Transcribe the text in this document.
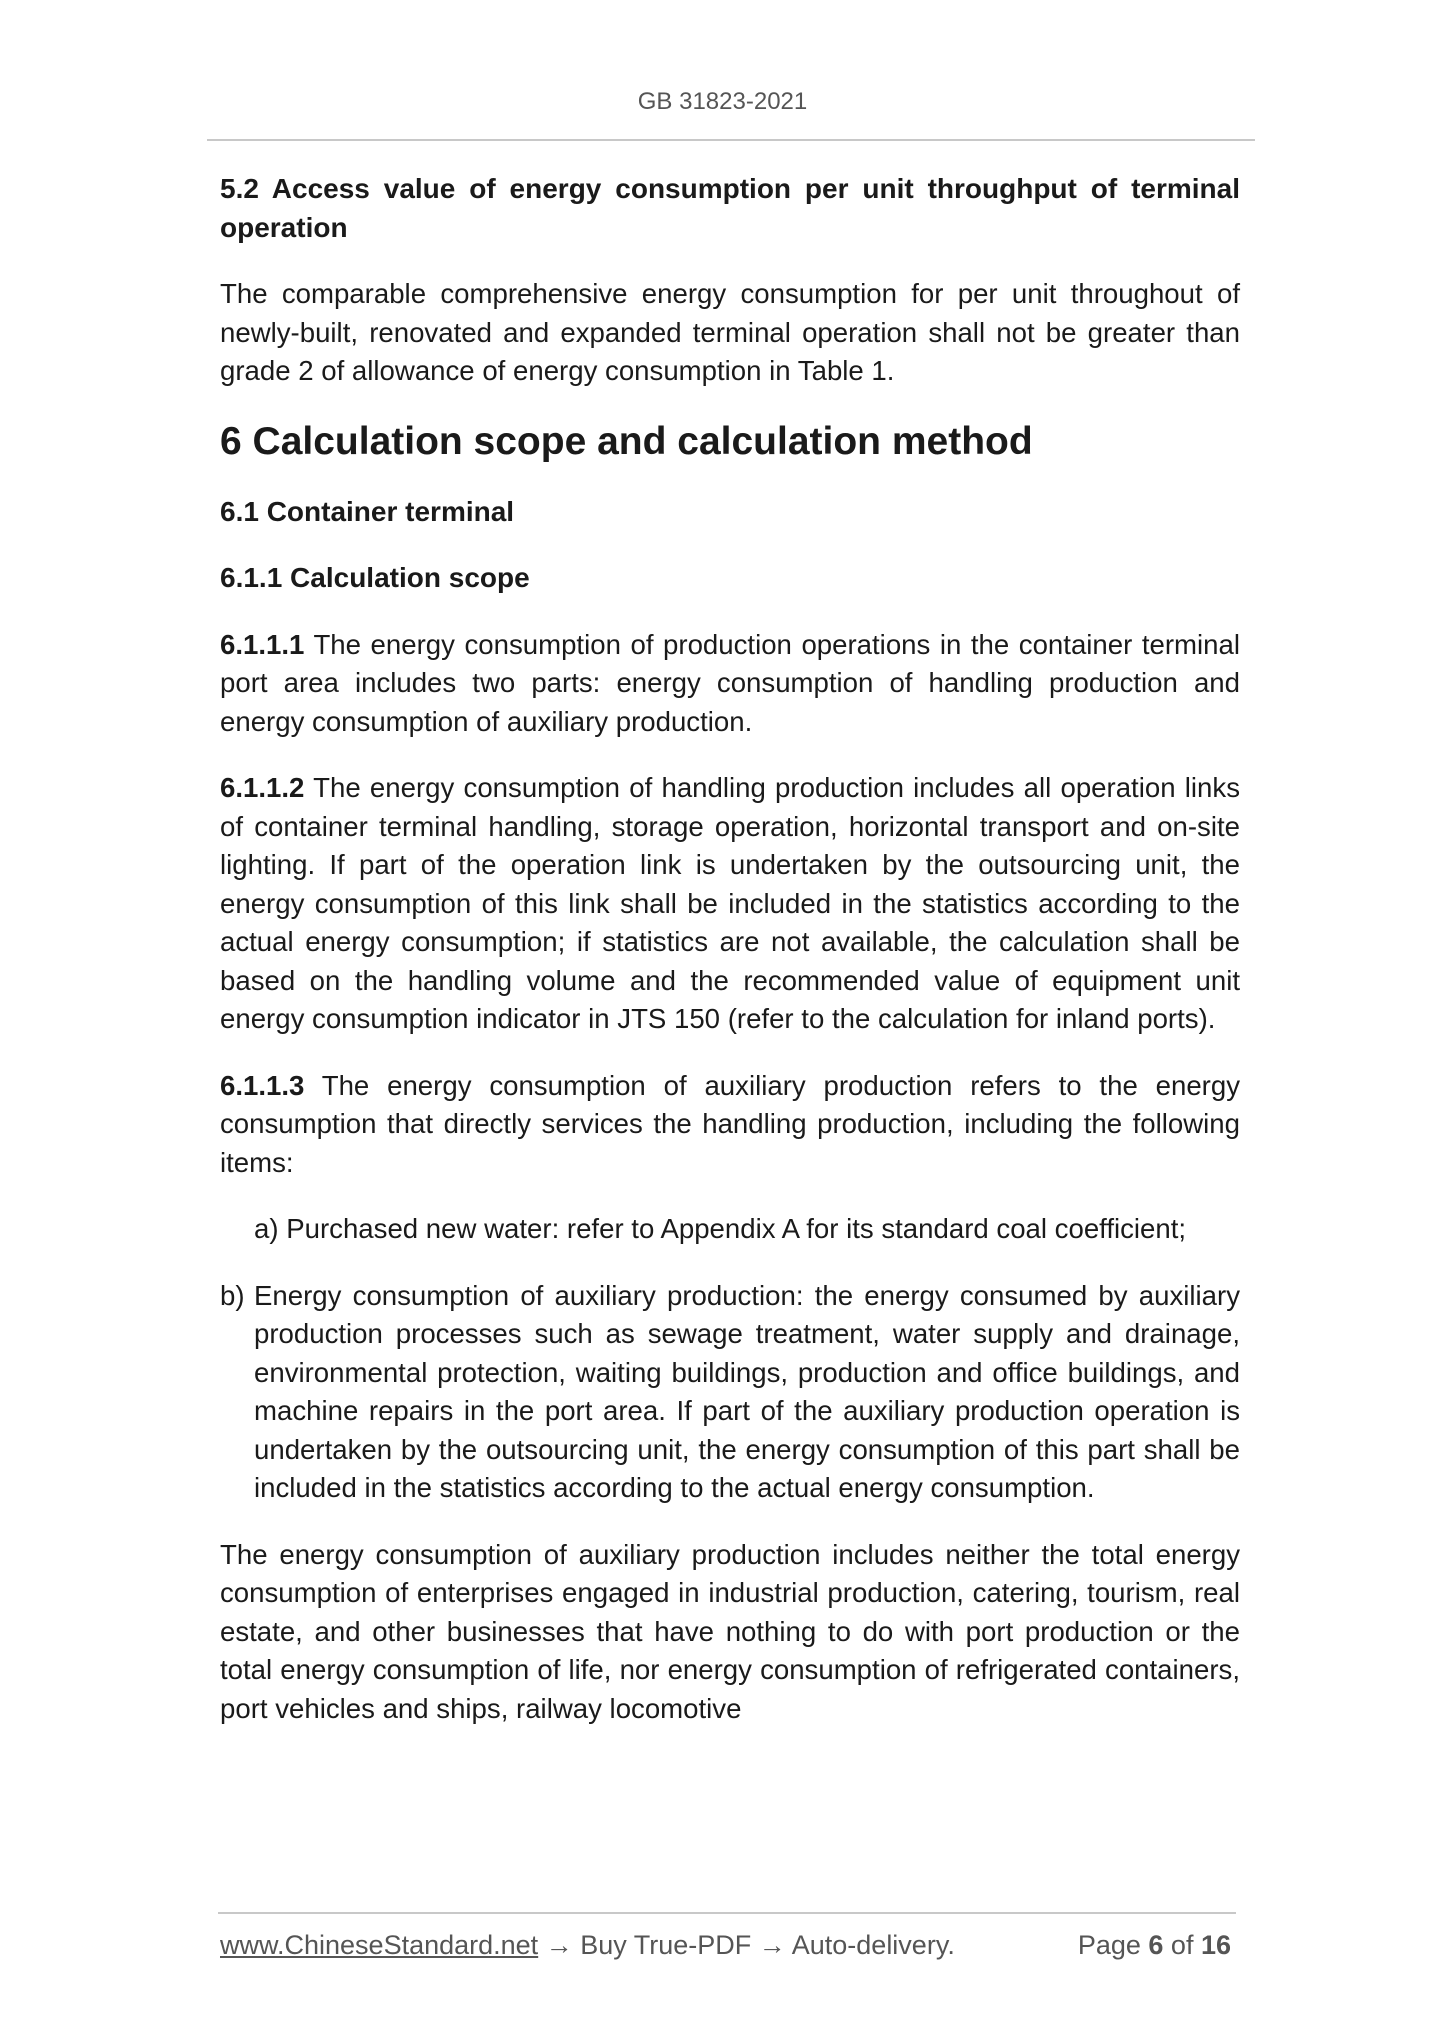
GB 31823-2021

5.2 Access value of energy consumption per unit throughput of terminal operation

The comparable comprehensive energy consumption for per unit throughout of newly-built, renovated and expanded terminal operation shall not be greater than grade 2 of allowance of energy consumption in Table 1.

6 Calculation scope and calculation method

6.1 Container terminal

6.1.1 Calculation scope

6.1.1.1 The energy consumption of production operations in the container terminal port area includes two parts: energy consumption of handling production and energy consumption of auxiliary production.

6.1.1.2 The energy consumption of handling production includes all operation links of container terminal handling, storage operation, horizontal transport and on-site lighting. If part of the operation link is undertaken by the outsourcing unit, the energy consumption of this link shall be included in the statistics according to the actual energy consumption; if statistics are not available, the calculation shall be based on the handling volume and the recommended value of equipment unit energy consumption indicator in JTS 150 (refer to the calculation for inland ports).

6.1.1.3 The energy consumption of auxiliary production refers to the energy consumption that directly services the handling production, including the following items:

a) Purchased new water: refer to Appendix A for its standard coal coefficient;

b) Energy consumption of auxiliary production: the energy consumed by auxiliary production processes such as sewage treatment, water supply and drainage, environmental protection, waiting buildings, production and office buildings, and machine repairs in the port area. If part of the auxiliary production operation is undertaken by the outsourcing unit, the energy consumption of this part shall be included in the statistics according to the actual energy consumption.

The energy consumption of auxiliary production includes neither the total energy consumption of enterprises engaged in industrial production, catering, tourism, real estate, and other businesses that have nothing to do with port production or the total energy consumption of life, nor energy consumption of refrigerated containers, port vehicles and ships, railway locomotive

www.ChineseStandard.net → Buy True-PDF → Auto-delivery.	Page 6 of 16
